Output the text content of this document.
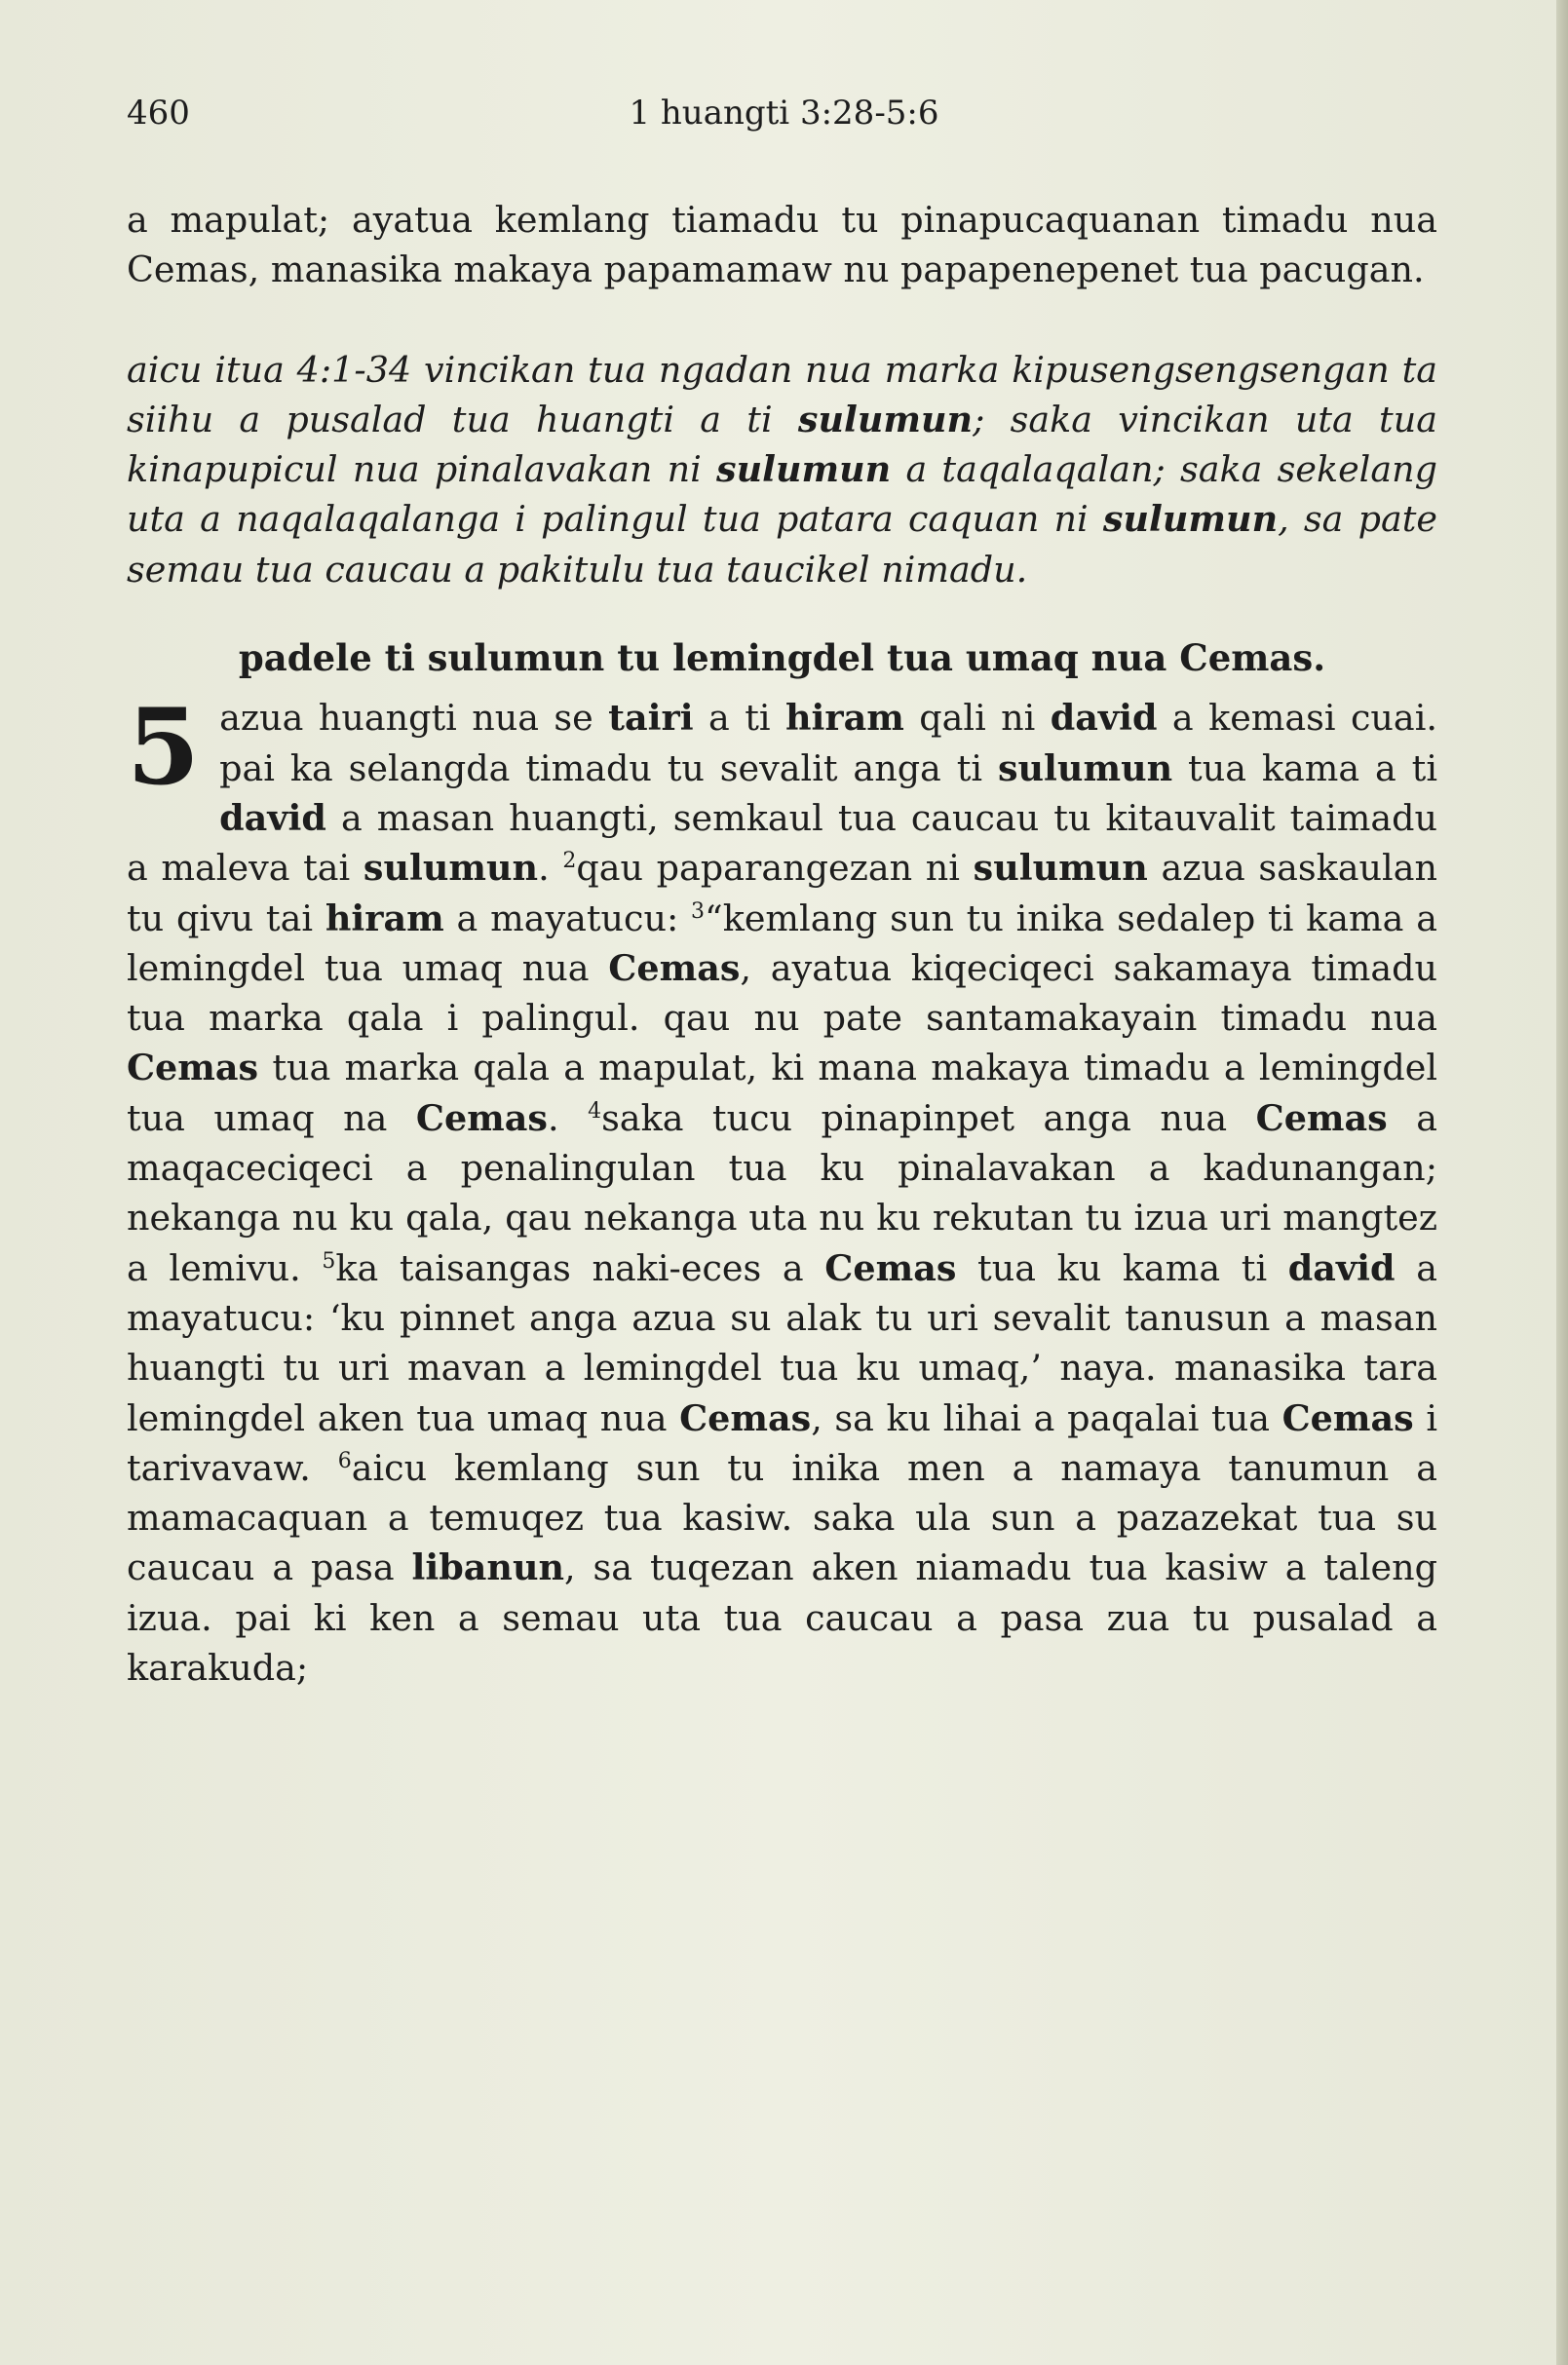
460	1 huangti 3:28-5:6

a mapulat; ayatua kemlang tiamadu tu pinapucaquanan timadu nua Cemas, manasika makaya papamamaw nu papapenepenet tua pacugan.

aicu itua 4:1-34 vincikan tua ngadan nua marka kipusengsengsengan ta siihu a pusalad tua huangti a ti sulumun; saka vincikan uta tua kinapupicul nua pinalavakan ni sulumun a taqalaqalan; saka sekelang uta a naqalaqalanga i palingul tua patara caquan ni sulumun, sa pate semau tua caucau a pakitulu tua taucikel nimadu.

padele ti sulumun tu lemingdel tua umaq nua Cemas.

5 azua huangti nua se tairi a ti hiram qali ni david a kemasi cuai. pai ka selangda timadu tu sevalit anga ti sulumun tua kama a ti david a masan huangti, semkaul tua caucau tu kitauvalit taimadu a maleva tai sulumun. $^2$qau paparangezan ni sulumun azua saskaulan tu qivu tai hiram a mayatucu: $^3$“kemlang sun tu inika sedalep ti kama a lemingdel tua umaq nua Cemas, ayatua kiqeciqeci sakamaya timadu tua marka qala i palingul. qau nu pate santamakayain timadu nua Cemas tua marka qala a mapulat, ki mana makaya timadu a lemingdel tua umaq na Cemas. $^4$saka tucu pinapinpet anga nua Cemas a maqaceciqeci a penalingulan tua ku pinalavakan a kadunangan; nekanga nu ku qala, qau nekanga uta nu ku rekutan tu izua uri mangtez a lemivu. $^5$ka taisangas naki-eces a Cemas tua ku kama ti david a mayatucu: ‘ku pinnet anga azua su alak tu uri sevalit tanusun a masan huangti tu uri mavan a lemingdel tua ku umaq,’ naya. manasika tara lemingdel aken tua umaq nua Cemas, sa ku lihai a paqalai tua Cemas i tarivavaw. $^6$aicu kemlang sun tu inika men a namaya tanumun a mamacaquan a temuqez tua kasiw. saka ula sun a pazazekat tua su caucau a pasa libanun, sa tuqezan aken niamadu tua kasiw a taleng izua. pai ki ken a semau uta tua caucau a pasa zua tu pusalad a karakuda;
